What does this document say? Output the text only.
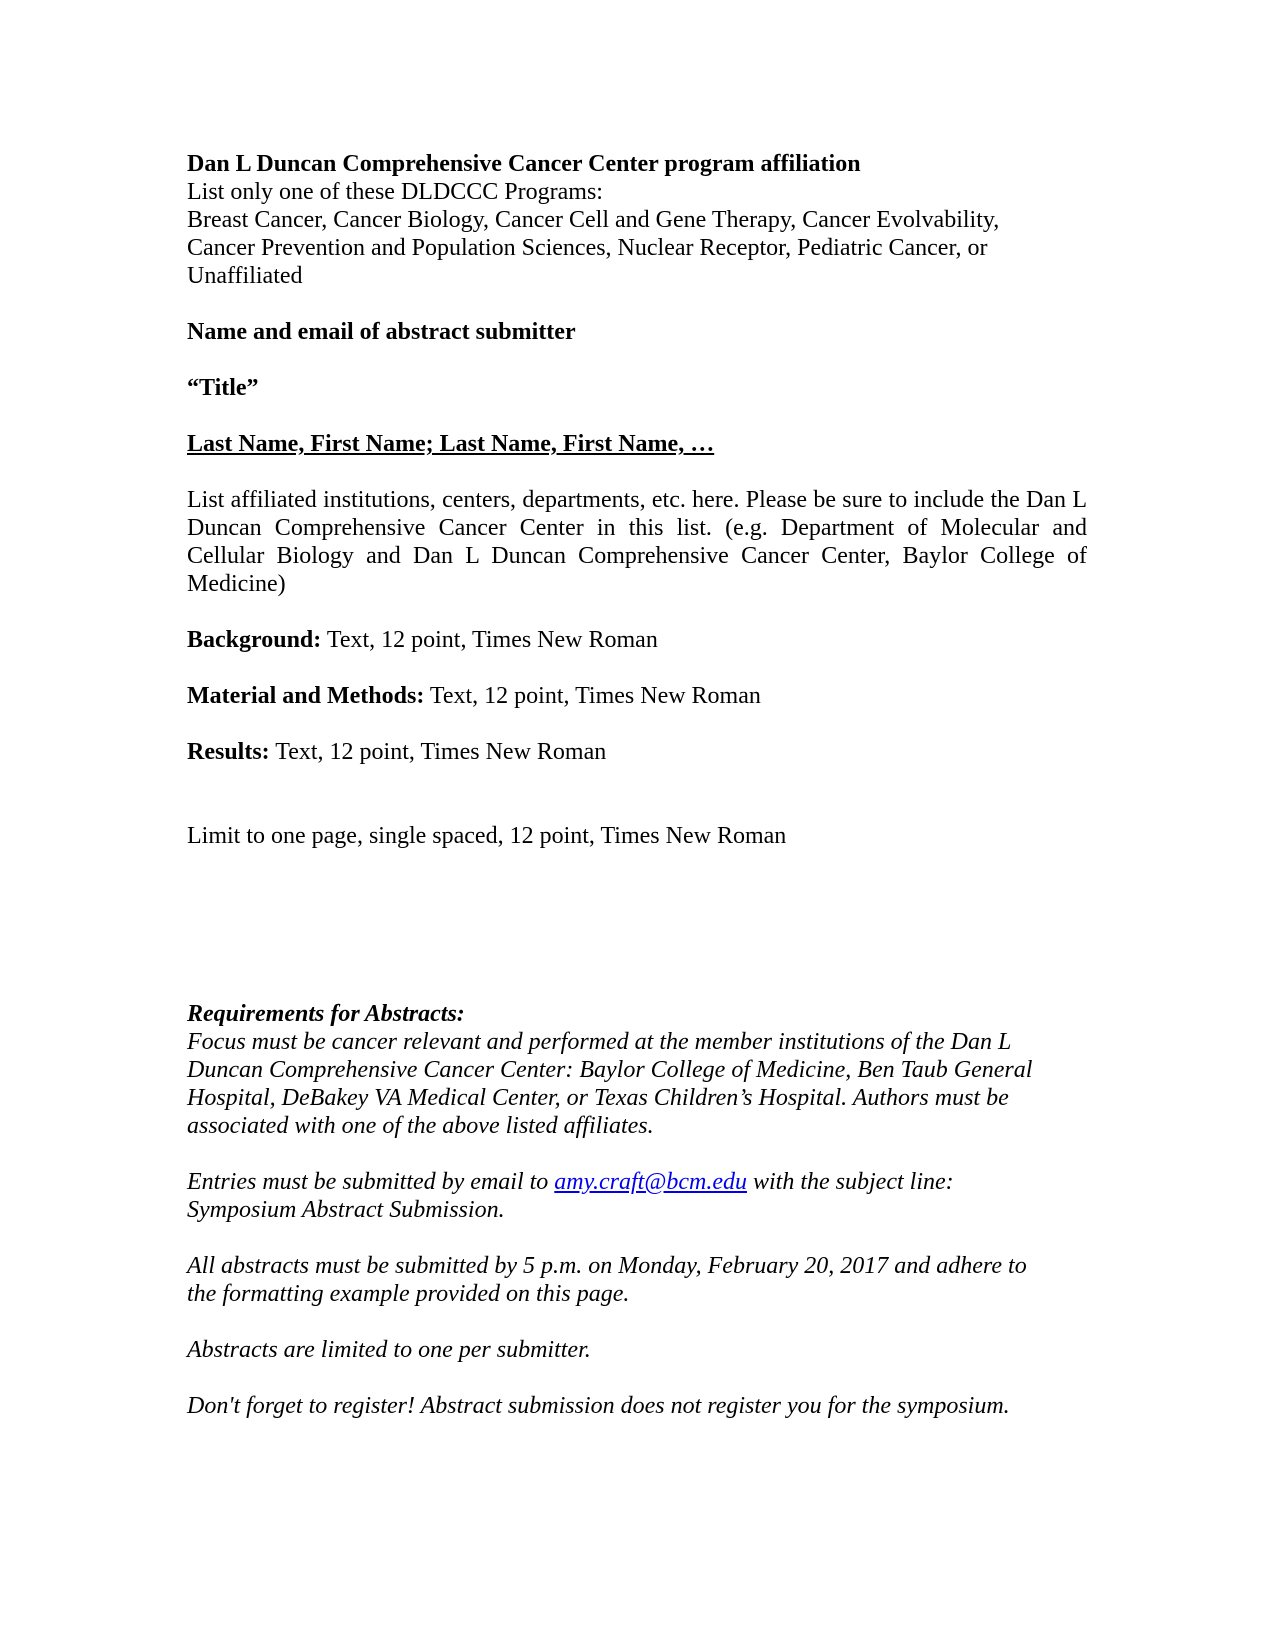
Dan L Duncan Comprehensive Cancer Center program affiliation

List only one of these DLDCCC Programs:

Breast Cancer, Cancer Biology, Cancer Cell and Gene Therapy, Cancer Evolvability,

Cancer Prevention and Population Sciences, Nuclear Receptor, Pediatric Cancer, or

Unaffiliated

Name and email of abstract submitter

“Title”

Last Name, First Name; Last Name, First Name, …

List affiliated institutions, centers, departments, etc. here. Please be sure to include the Dan L Duncan Comprehensive Cancer Center in this list. (e.g. Department of Molecular and Cellular Biology and Dan L Duncan Comprehensive Cancer Center, Baylor College of Medicine)

Background: Text, 12 point, Times New Roman

Material and Methods: Text, 12 point, Times New Roman

Results: Text, 12 point, Times New Roman

Limit to one page, single spaced, 12 point, Times New Roman

Requirements for Abstracts:

Focus must be cancer relevant and performed at the member institutions of the Dan L

Duncan Comprehensive Cancer Center: Baylor College of Medicine, Ben Taub General

Hospital, DeBakey VA Medical Center, or Texas Children’s Hospital. Authors must be

associated with one of the above listed affiliates.

Entries must be submitted by email to amy.craft@bcm.edu with the subject line:

Symposium Abstract Submission.

All abstracts must be submitted by 5 p.m. on Monday, February 20, 2017 and adhere to

the formatting example provided on this page.

Abstracts are limited to one per submitter.

Don't forget to register! Abstract submission does not register you for the symposium.
